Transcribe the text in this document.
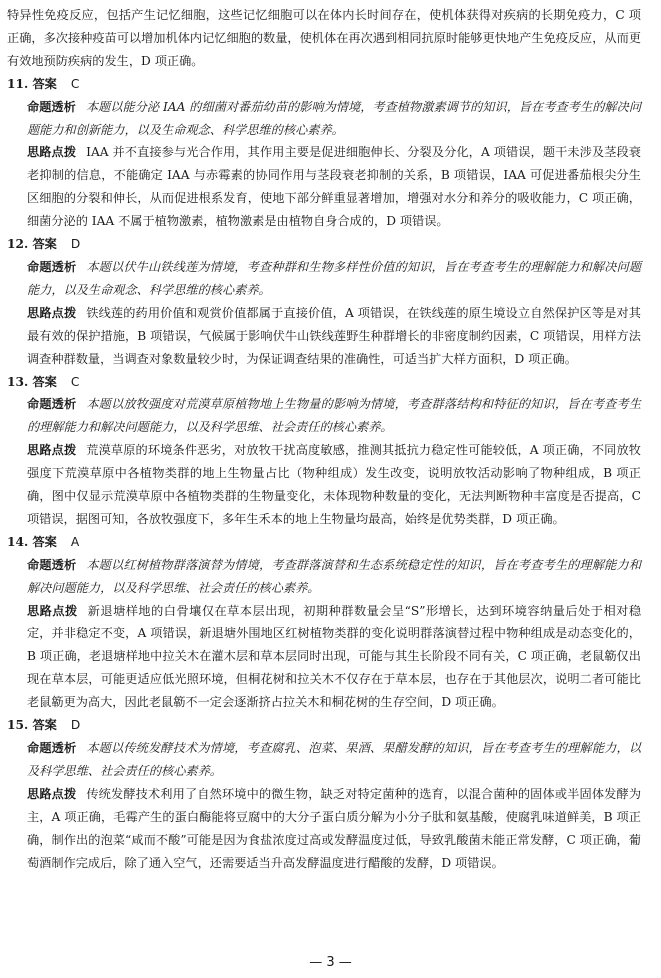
特异性免疫反应，包括产生记忆细胞，这些记忆细胞可以在体内长时间存在，使机体获得对疾病的长期免疫力，C 项正确，多次接种疫苗可以增加机体内记忆细胞的数量，使机体在再次遇到相同抗原时能够更快地产生免疫反应，从而更有效地预防疾病的发生，D 项正确。

11. 答案 C

命题透析 本题以能分泌 IAA 的细菌对番茄幼苗的影响为情境，考查植物激素调节的知识，旨在考查考生的解决问题能力和创新能力，以及生命观念、科学思维的核心素养。

思路点拨 IAA 并不直接参与光合作用，其作用主要是促进细胞伸长、分裂及分化，A 项错误，题干未涉及茎段衰老抑制的信息，不能确定 IAA 与赤霉素的协同作用与茎段衰老抑制的关系，B 项错误，IAA 可促进番茄根尖分生区细胞的分裂和伸长，从而促进根系发育，使地下部分鲜重显著增加，增强对水分和养分的吸收能力，C 项正确，细菌分泌的 IAA 不属于植物激素，植物激素是由植物自身合成的，D 项错误。

12. 答案 D

命题透析 本题以伏牛山铁线莲为情境，考查种群和生物多样性价值的知识，旨在考查考生的理解能力和解决问题能力，以及生命观念、科学思维的核心素养。

思路点拨 铁线莲的药用价值和观赏价值都属于直接价值，A 项错误，在铁线莲的原生境设立自然保护区等是对其最有效的保护措施，B 项错误，气候属于影响伏牛山铁线莲野生种群增长的非密度制约因素，C 项错误，用样方法调查种群数量，当调查对象数量较少时，为保证调查结果的准确性，可适当扩大样方面积，D 项正确。

13. 答案 C

命题透析 本题以放牧强度对荒漠草原植物地上生物量的影响为情境，考查群落结构和特征的知识，旨在考查考生的理解能力和解决问题能力，以及科学思维、社会责任的核心素养。

思路点拨 荒漠草原的环境条件恶劣，对放牧干扰高度敏感，推测其抵抗力稳定性可能较低，A 项正确，不同放牧强度下荒漠草原中各植物类群的地上生物量占比（物种组成）发生改变，说明放牧活动影响了物种组成，B 项正确，图中仅显示荒漠草原中各植物类群的生物量变化，未体现物种数量的变化，无法判断物种丰富度是否提高，C 项错误，据图可知，各放牧强度下，多年生禾本的地上生物量均最高，始终是优势类群，D 项正确。

14. 答案 A

命题透析 本题以红树植物群落演替为情境，考查群落演替和生态系统稳定性的知识，旨在考查考生的理解能力和解决问题能力，以及科学思维、社会责任的核心素养。

思路点拨 新退塘样地的白骨壤仅在草本层出现，初期种群数量会呈“S”形增长，达到环境容纳量后处于相对稳定，并非稳定不变，A 项错误，新退塘外围地区红树植物类群的变化说明群落演替过程中物种组成是动态变化的，B 项正确，老退塘样地中拉关木在灌木层和草本层同时出现，可能与其生长阶段不同有关，C 项正确，老鼠簕仅出现在草本层，可能更适应低光照环境，但桐花树和拉关木不仅存在于草本层，也存在于其他层次，说明二者可能比老鼠簕更为高大，因此老鼠簕不一定会逐渐挤占拉关木和桐花树的生存空间，D 项正确。

15. 答案 D

命题透析 本题以传统发酵技术为情境，考查腐乳、泡菜、果酒、果醋发酵的知识，旨在考查考生的理解能力，以及科学思维、社会责任的核心素养。

思路点拨 传统发酵技术利用了自然环境中的微生物，缺乏对特定菌种的选育，以混合菌种的固体或半固体发酵为主，A 项正确，毛霉产生的蛋白酶能将豆腐中的大分子蛋白质分解为小分子肽和氨基酸，使腐乳味道鲜美，B 项正确，制作出的泡菜“咸而不酸”可能是因为食盐浓度过高或发酵温度过低，导致乳酸菌未能正常发酵，C 项正确，葡萄酒制作完成后，除了通入空气，还需要适当升高发酵温度进行醋酸的发酵，D 项错误。

— 3 —
